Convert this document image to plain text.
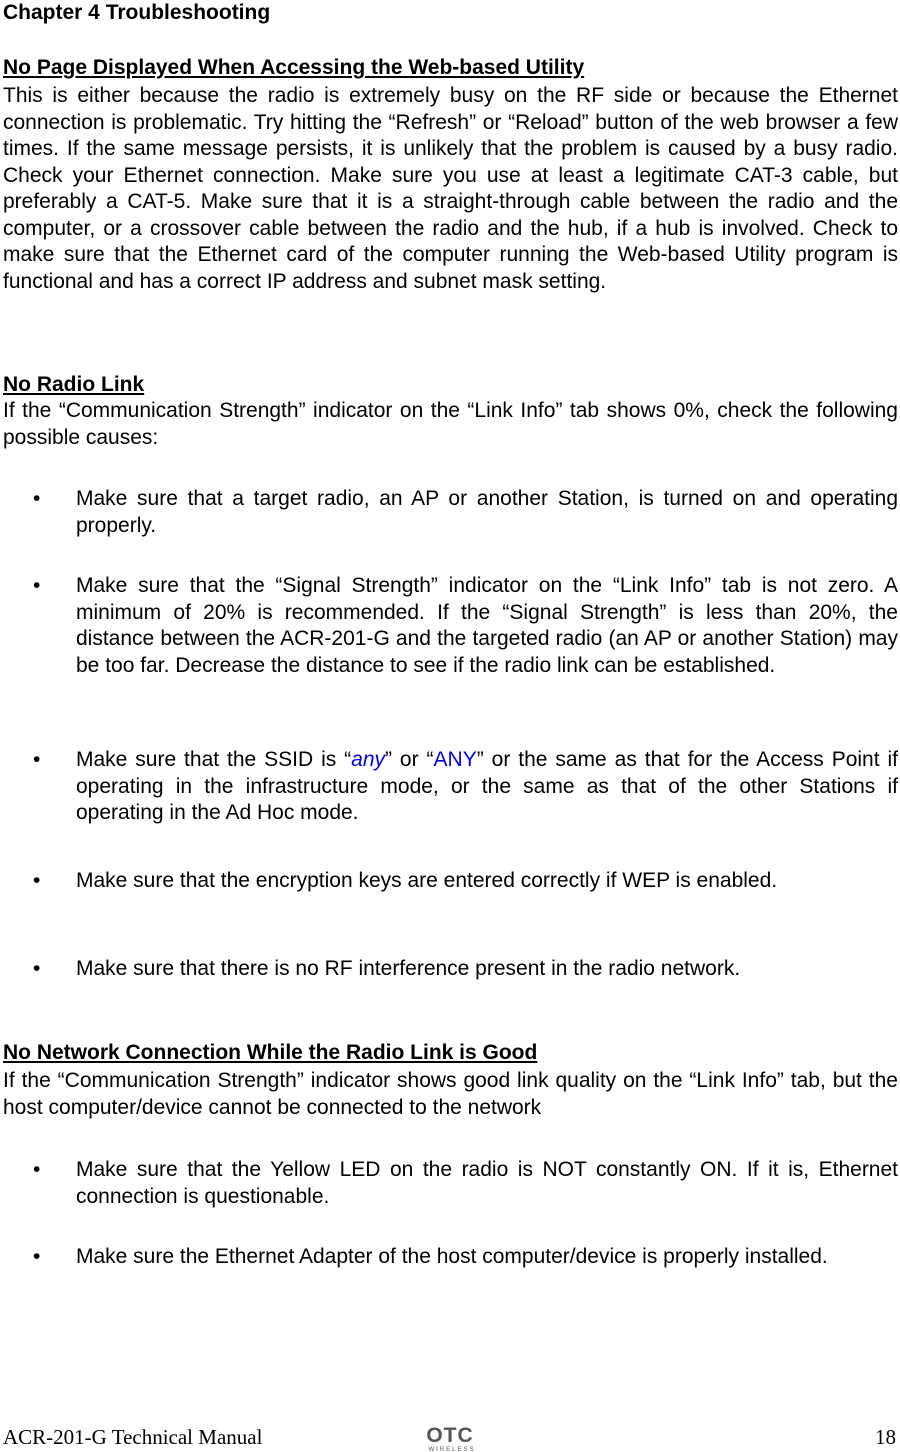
Chapter 4 Troubleshooting
No Page Displayed When Accessing the Web-based Utility

This is either because the radio is extremely busy on the RF side or because the Ethernet connection is problematic. Try hitting the “Refresh” or “Reload” button of the web browser a few times. If the same message persists, it is unlikely that the problem is caused by a busy radio. Check your Ethernet connection. Make sure you use at least a legitimate CAT-3 cable, but preferably a CAT-5. Make sure that it is a straight-through cable between the radio and the computer, or a crossover cable between the radio and the hub, if a hub is involved. Check to make sure that the Ethernet card of the computer running the Web-based Utility program is functional and has a correct IP address and subnet mask setting.

No Radio Link

If the “Communication Strength” indicator on the “Link Info” tab shows 0%, check the following possible causes:

• Make sure that a target radio, an AP or another Station, is turned on and operating properly.
• Make sure that the “Signal Strength” indicator on the “Link Info” tab is not zero. A minimum of 20% is recommended. If the “Signal Strength” is less than 20%, the distance between the ACR-201-G and the targeted radio (an AP or another Station) may be too far. Decrease the distance to see if the radio link can be established.
• Make sure that the SSID is “any” or “ANY” or the same as that for the Access Point if operating in the infrastructure mode, or the same as that of the other Stations if operating in the Ad Hoc mode.
• Make sure that the encryption keys are entered correctly if WEP is enabled.
• Make sure that there is no RF interference present in the radio network.
No Network Connection While the Radio Link is Good

If the “Communication Strength” indicator shows good link quality on the “Link Info” tab, but the host computer/device cannot be connected to the network

• Make sure that the Yellow LED on the radio is NOT constantly ON. If it is, Ethernet connection is questionable.
• Make sure the Ethernet Adapter of the host computer/device is properly installed.
ACR-201-G Technical Manual	OTC
WIRELESS
18
